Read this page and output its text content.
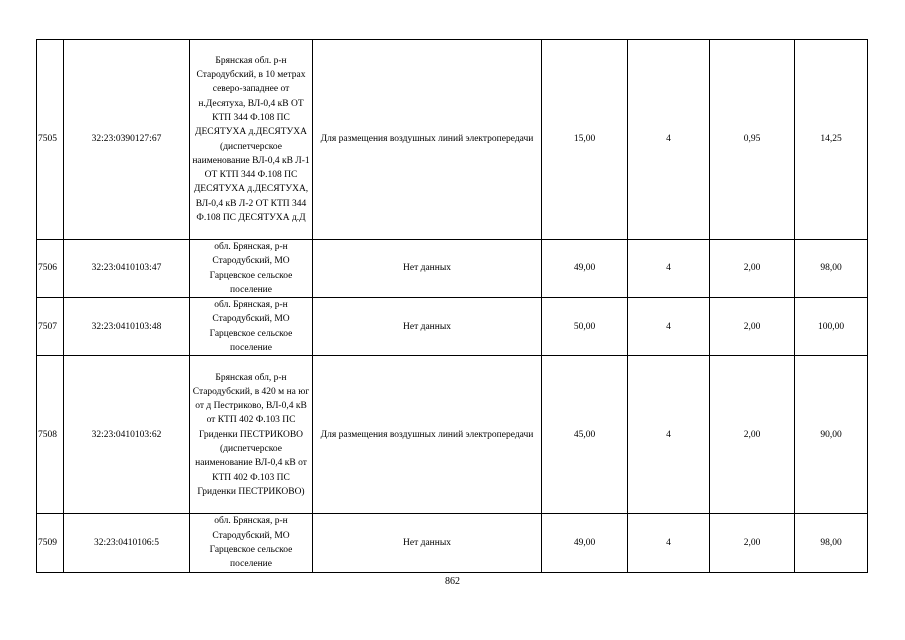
7505	32:23:0390127:67	Брянская обл. р-н Стародубский, в 10 метрах северо-западнее от н.Десятуха, ВЛ-0,4 кВ ОТ КТП 344 Ф.108 ПС ДЕСЯТУХА д.ДЕСЯТУХА (диспетчерское наименование ВЛ-0,4 кВ Л-1 ОТ КТП 344 Ф.108 ПС ДЕСЯТУХА д.ДЕСЯТУХА, ВЛ-0,4 кВ Л-2 ОТ КТП 344 Ф.108 ПС ДЕСЯТУХА д.Д	Для размещения воздушных линий электропередачи	15,00	4	0,95	14,25
7506	32:23:0410103:47	обл. Брянская, р-н Стародубский, МО Гарцевское сельское поселение	Нет данных	49,00	4	2,00	98,00
7507	32:23:0410103:48	обл. Брянская, р-н Стародубский, МО Гарцевское сельское поселение	Нет данных	50,00	4	2,00	100,00
7508	32:23:0410103:62	Брянская обл, р-н Стародубский, в 420 м на юг от д Пестриково, ВЛ-0,4 кВ от КТП 402 Ф.103 ПС Гриденки ПЕСТРИКОВО (диспетчерское наименование ВЛ-0,4 кВ от КТП 402 Ф.103 ПС Гриденки ПЕСТРИКОВО)	Для размещения воздушных линий электропередачи	45,00	4	2,00	90,00
7509	32:23:0410106:5	обл. Брянская, р-н Стародубский, МО Гарцевское сельское поселение	Нет данных	49,00	4	2,00	98,00
862
